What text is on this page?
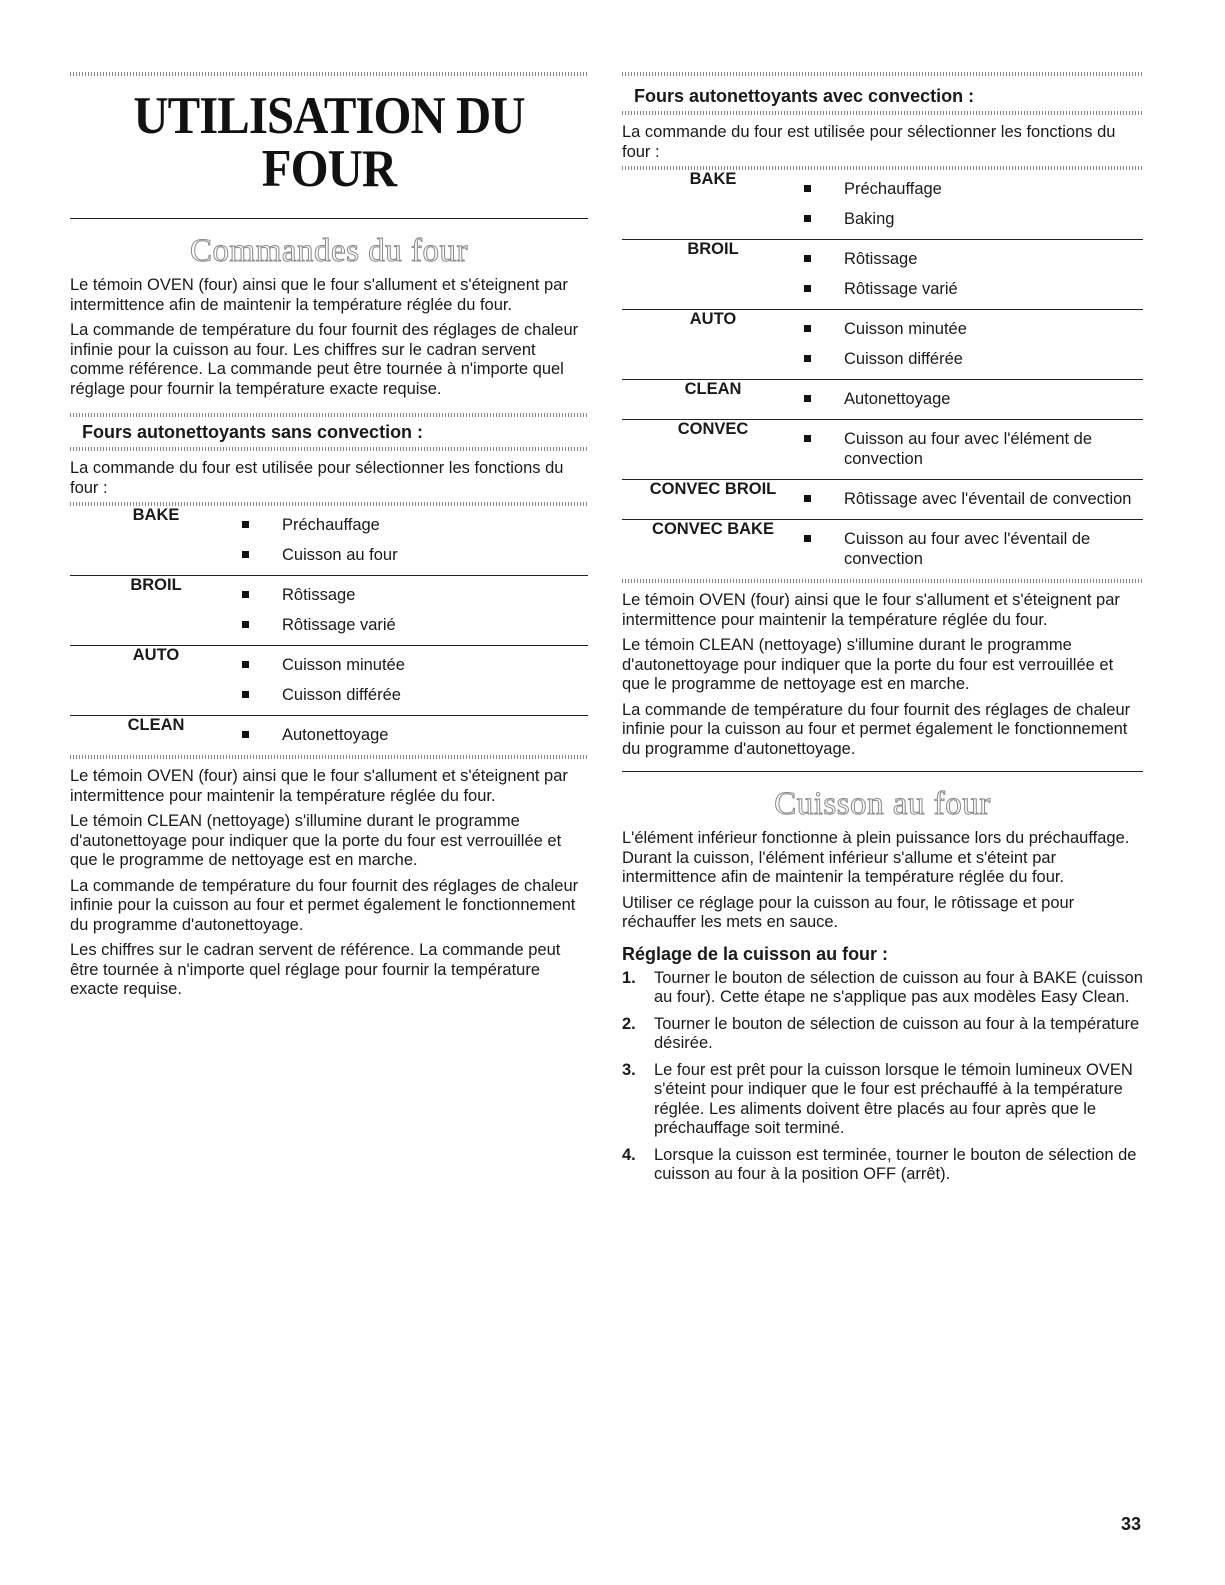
UTILISATION DU FOUR
Commandes du four

Le témoin OVEN (four) ainsi que le four s'allument et s'éteignent par intermittence afin de maintenir la température réglée du four.

La commande de température du four fournit des réglages de chaleur infinie pour la cuisson au four. Les chiffres sur le cadran servent comme référence. La commande peut être tournée à n'importe quel réglage pour fournir la température exacte requise.

Fours autonettoyants sans convection :

La commande du four est utilisée pour sélectionner les fonctions du four :

BAKE	Préchauffage
Cuisson au four

BROIL	Rôtissage
Rôtissage varié

AUTO	Cuisson minutée
Cuisson différée

CLEAN	Autonettoyage

Le témoin OVEN (four) ainsi que le four s'allument et s'éteignent par intermittence pour maintenir la température réglée du four.

Le témoin CLEAN (nettoyage) s'illumine durant le programme d'autonettoyage pour indiquer que la porte du four est verrouillée et que le programme de nettoyage est en marche.

La commande de température du four fournit des réglages de chaleur infinie pour la cuisson au four et permet également le fonctionnement du programme d'autonettoyage.

Les chiffres sur le cadran servent de référence. La commande peut être tournée à n'importe quel réglage pour fournir la température exacte requise.

Fours autonettoyants avec convection :

La commande du four est utilisée pour sélectionner les fonctions du four :

BAKE	Préchauffage
Baking

BROIL	Rôtissage
Rôtissage varié

AUTO	Cuisson minutée
Cuisson différée

CLEAN	Autonettoyage

CONVEC	Cuisson au four avec l'élément de convection

CONVEC BROIL	Rôtissage avec l'éventail de convection

CONVEC BAKE	Cuisson au four avec l'éventail de convection

Le témoin OVEN (four) ainsi que le four s'allument et s'éteignent par intermittence pour maintenir la température réglée du four.

Le témoin CLEAN (nettoyage) s'illumine durant le programme d'autonettoyage pour indiquer que la porte du four est verrouillée et que le programme de nettoyage est en marche.

La commande de température du four fournit des réglages de chaleur infinie pour la cuisson au four et permet également le fonctionnement du programme d'autonettoyage.

Cuisson au four

L'élément inférieur fonctionne à plein puissance lors du préchauffage. Durant la cuisson, l'élément inférieur s'allume et s'éteint par intermittence afin de maintenir la température réglée du four.

Utiliser ce réglage pour la cuisson au four, le rôtissage et pour réchauffer les mets en sauce.

Réglage de la cuisson au four :
1. Tourner le bouton de sélection de cuisson au four à BAKE (cuisson au four). Cette étape ne s'applique pas aux modèles Easy Clean.
2. Tourner le bouton de sélection de cuisson au four à la température désirée.
3. Le four est prêt pour la cuisson lorsque le témoin lumineux OVEN s'éteint pour indiquer que le four est préchauffé à la température réglée. Les aliments doivent être placés au four après que le préchauffage soit terminé.
4. Lorsque la cuisson est terminée, tourner le bouton de sélection de cuisson au four à la position OFF (arrêt).
33
